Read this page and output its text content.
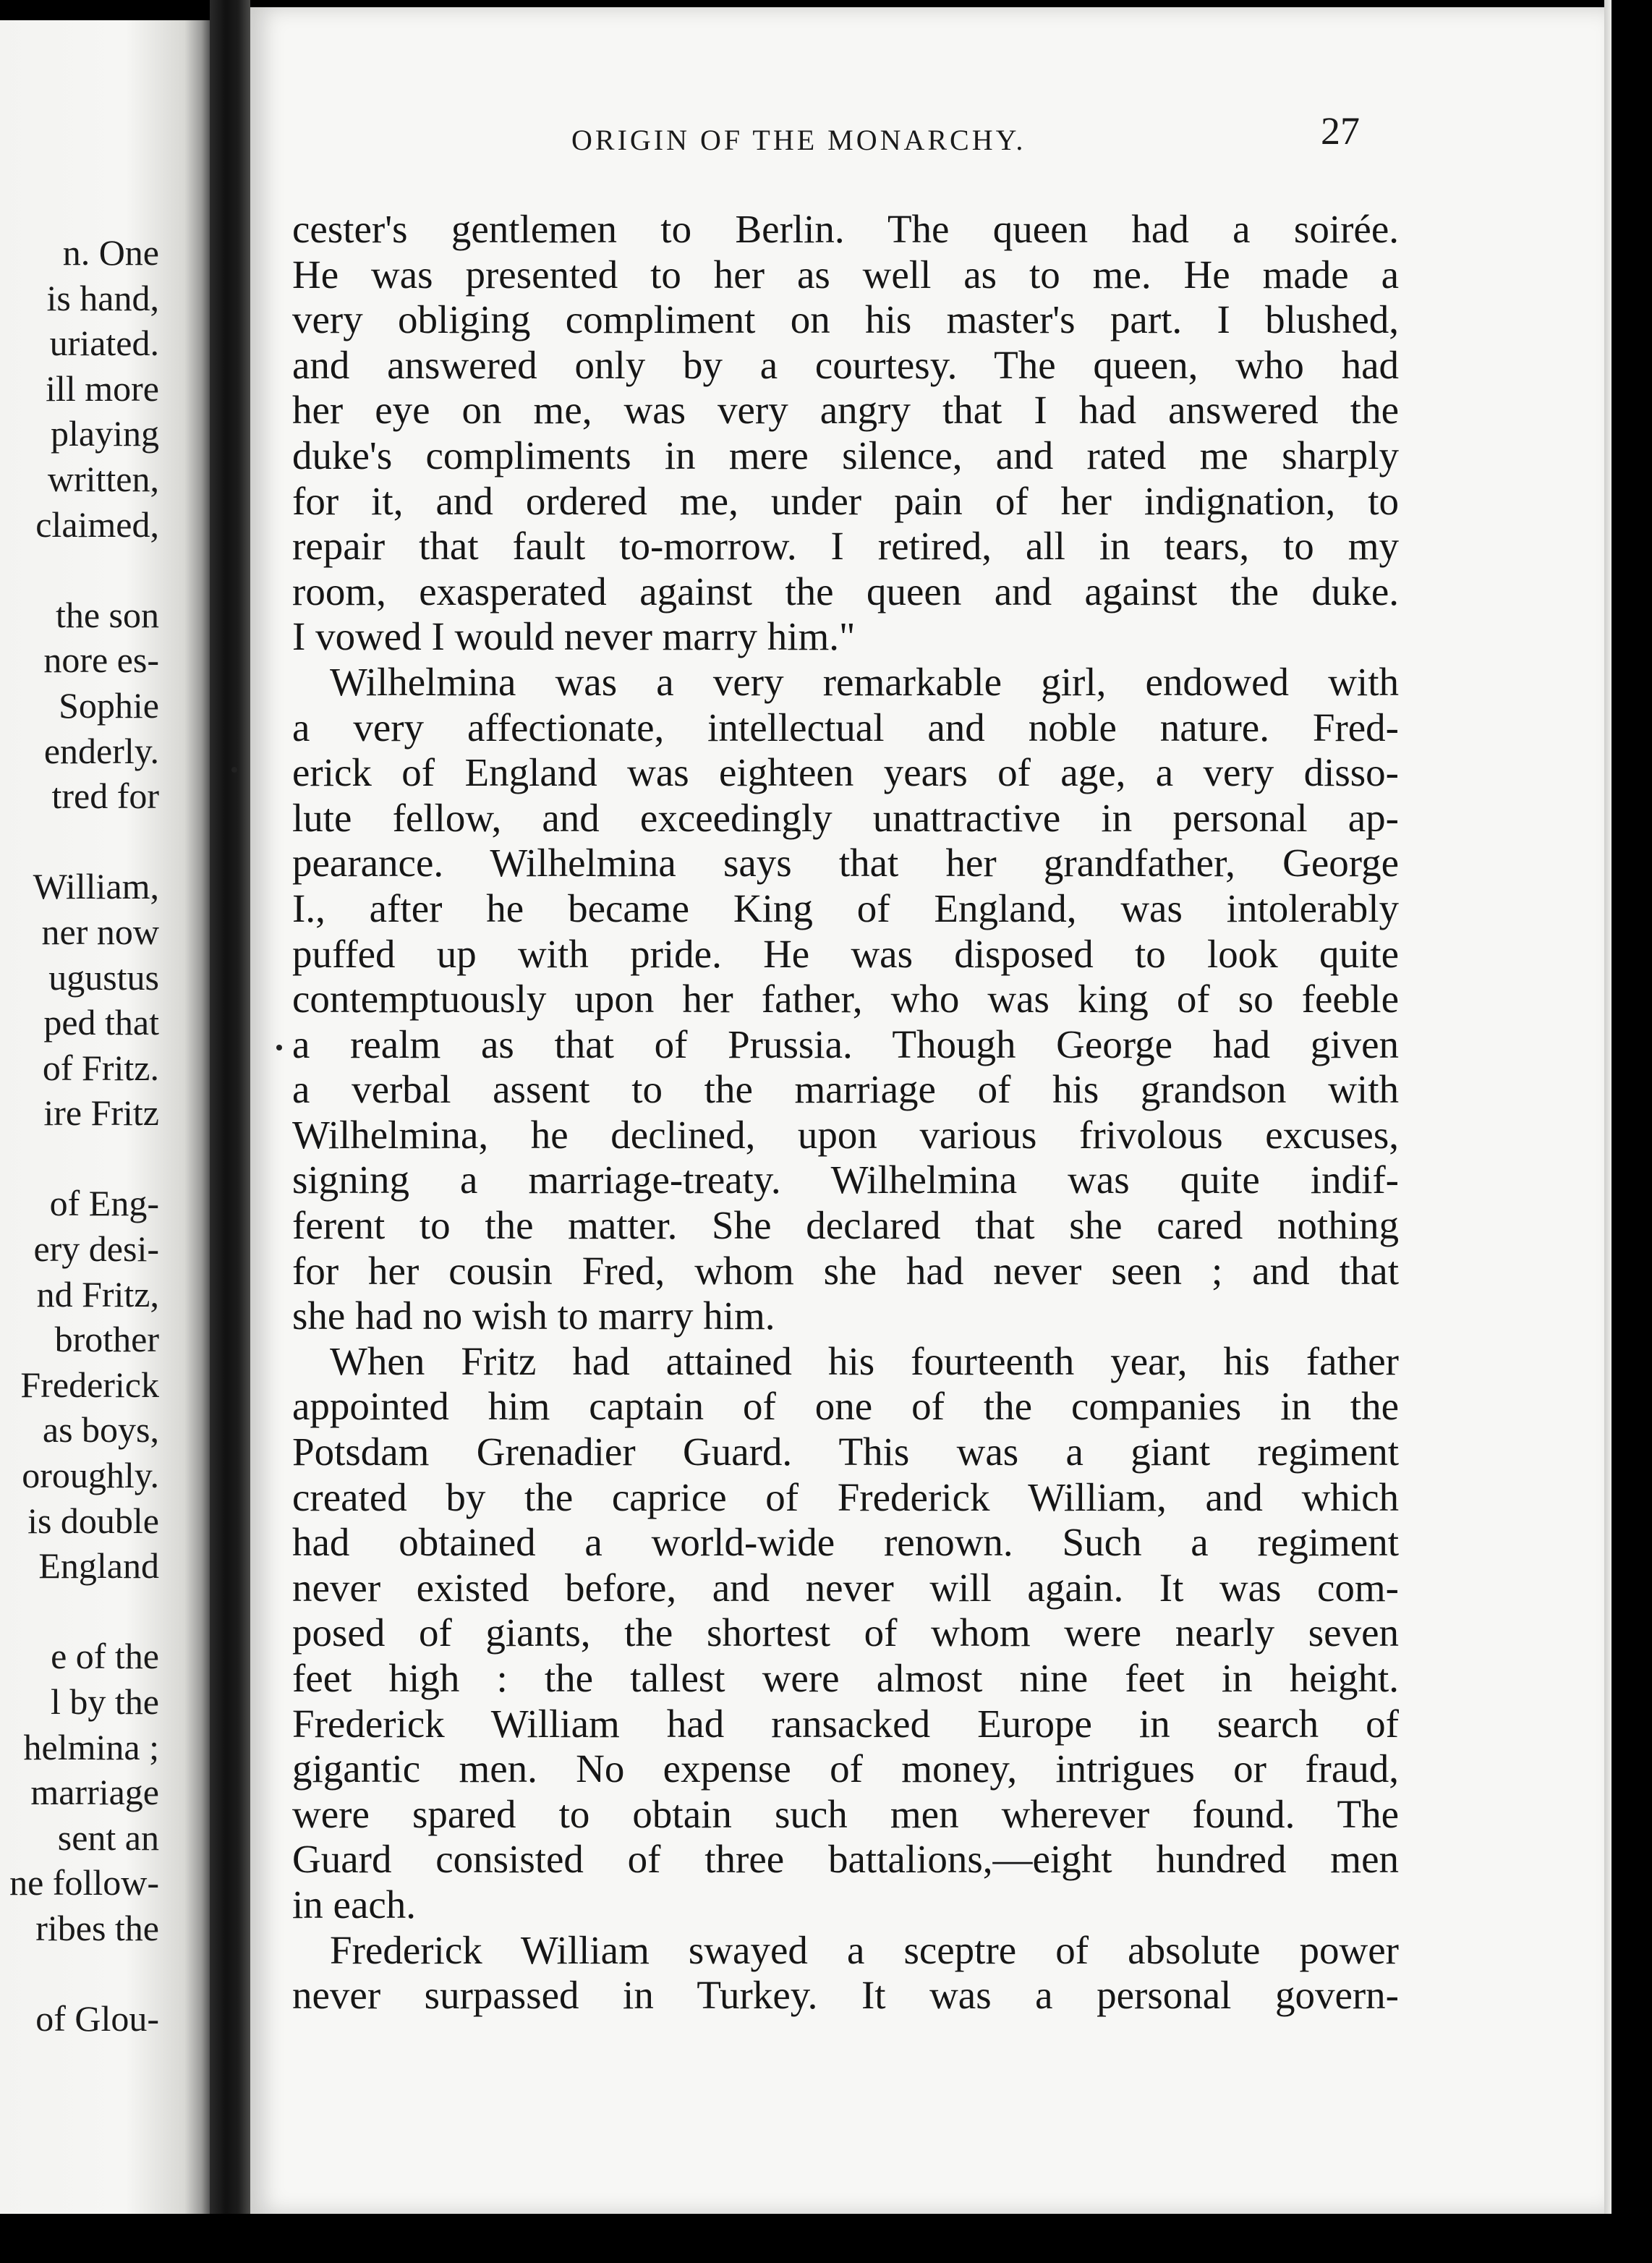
n. One
is hand,
uriated.
ill more
playing
written,
claimed,
the son
nore es-
Sophie
enderly.
tred for
William,
ner now
ugustus
ped that
of Fritz.
ire Fritz
of Eng-
ery desi-
nd Fritz,
brother
Frederick
as boys,
oroughly.
is double
England
e of the
l by the
helmina ;
marriage
sent an
ne follow-
ribes the
of Glou-
ORIGIN OF THE MONARCHY.	27
cester's gentlemen to Berlin. The queen had a soirée.
He was presented to her as well as to me. He made a
very obliging compliment on his master's part. I blushed,
and answered only by a courtesy. The queen, who had
her eye on me, was very angry that I had answered the
duke's compliments in mere silence, and rated me sharply
for it, and ordered me, under pain of her indignation, to
repair that fault to-morrow. I retired, all in tears, to my
room, exasperated against the queen and against the duke.
I vowed I would never marry him."
Wilhelmina was a very remarkable girl, endowed with
a very affectionate, intellectual and noble nature. Fred-
erick of England was eighteen years of age, a very disso-
lute fellow, and exceedingly unattractive in personal ap-
pearance. Wilhelmina says that her grandfather, George
I., after he became King of England, was intolerably
puffed up with pride. He was disposed to look quite
contemptuously upon her father, who was king of so feeble
a realm as that of Prussia. Though George had given
a verbal assent to the marriage of his grandson with
Wilhelmina, he declined, upon various frivolous excuses,
signing a marriage-treaty. Wilhelmina was quite indif-
ferent to the matter. She declared that she cared nothing
for her cousin Fred, whom she had never seen ; and that
she had no wish to marry him.
When Fritz had attained his fourteenth year, his father
appointed him captain of one of the companies in the
Potsdam Grenadier Guard. This was a giant regiment
created by the caprice of Frederick William, and which
had obtained a world-wide renown. Such a regiment
never existed before, and never will again. It was com-
posed of giants, the shortest of whom were nearly seven
feet high : the tallest were almost nine feet in height.
Frederick William had ransacked Europe in search of
gigantic men. No expense of money, intrigues or fraud,
were spared to obtain such men wherever found. The
Guard consisted of three battalions,—eight hundred men
in each.
Frederick William swayed a sceptre of absolute power
never surpassed in Turkey. It was a personal govern-
